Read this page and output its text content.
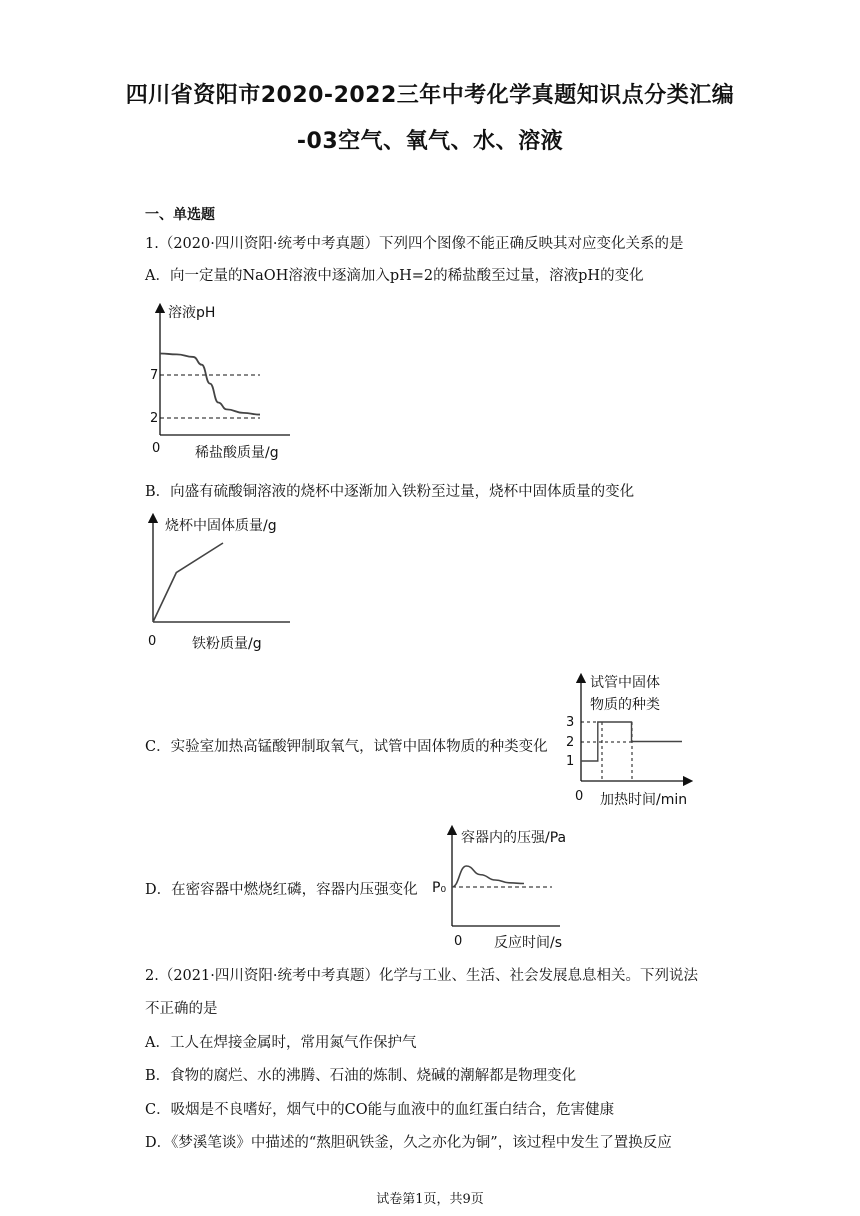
四川省资阳市2020-2022三年中考化学真题知识点分类汇编
-03空气、氧气、水、溶液
一、单选题
1.（2020·四川资阳·统考中考真题）下列四个图像不能正确反映其对应变化关系的是
A．向一定量的NaOH溶液中逐滴加入pH=2的稀盐酸至过量，溶液pH的变化
溶液pH
7
2
0 稀盐酸质量/g
B．向盛有硫酸铜溶液的烧杯中逐渐加入铁粉至过量，烧杯中固体质量的变化
烧杯中固体质量/g
0	铁粉质量/g
C．实验室加热高锰酸钾制取氧气，试管中固体物质的种类变化
试管中固体
物质的种类
3
2
1
0 加热时间/min
D．在密容器中燃烧红磷，容器内压强变化
容器内的压强/Pa
P₀
0 反应时间/s
2.（2021·四川资阳·统考中考真题）化学与工业、生活、社会发展息息相关。下列说法
不正确的是
A．工人在焊接金属时，常用氮气作保护气
B．食物的腐烂、水的沸腾、石油的炼制、烧碱的潮解都是物理变化
C．吸烟是不良嗜好，烟气中的CO能与血液中的血红蛋白结合，危害健康
D．《梦溪笔谈》中描述的“熬胆矾铁釜，久之亦化为铜”，该过程中发生了置换反应
试卷第1页，共9页
